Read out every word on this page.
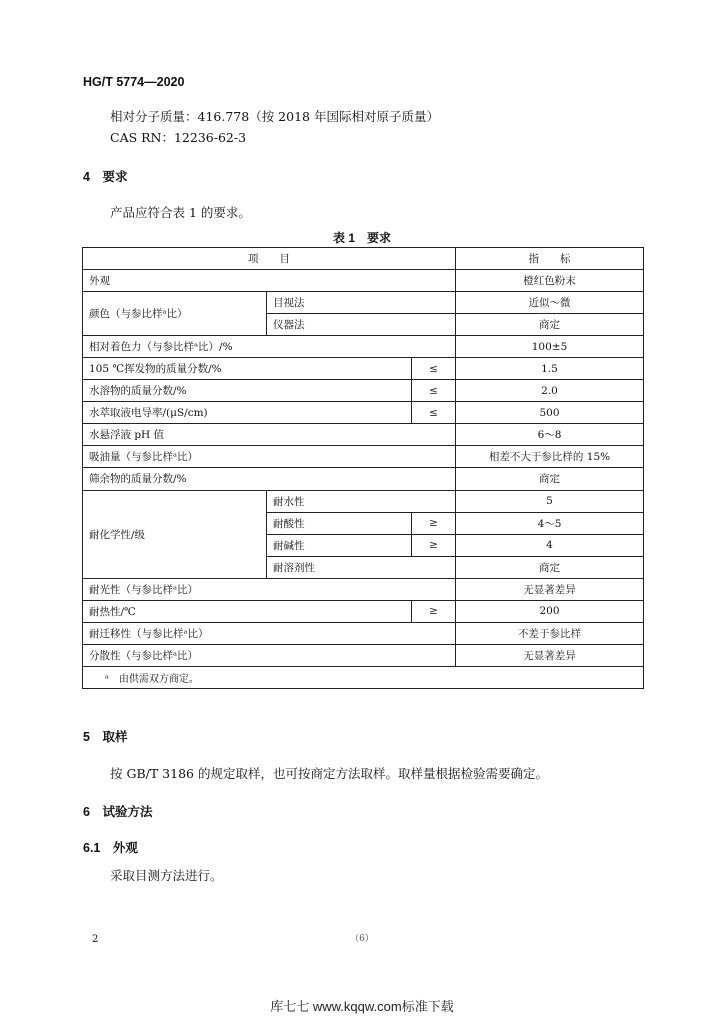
HG/T 5774—2020
相对分子质量：416.778（按 2018 年国际相对原子质量）
CAS RN：12236-62-3
4　要求
产品应符合表 1 的要求。
表 1　要求
项　　目			指　　标
外观			橙红色粉末
颜色（与参比样ᵃ比）	目视法		近似～微
	仪器法		商定
相对着色力（与参比样ᵃ比）/%			100±5
105 ℃挥发物的质量分数/%		≤	1.5
水溶物的质量分数/%		≤	2.0
水萃取液电导率/(μS/cm)		≤	500
水悬浮液 pH 值			6～8
吸油量（与参比样ᵃ比）			相差不大于参比样的 15%
筛余物的质量分数/%			商定
耐化学性/级	耐水性		5
	耐酸性	≥	4～5
	耐碱性	≥	4
	耐溶剂性		商定
耐光性（与参比样ᵃ比）			无显著差异
耐热性/℃		≥	200
耐迁移性（与参比样ᵃ比）			不差于参比样
分散性（与参比样ᵃ比）			无显著差异
ᵃ　由供需双方商定。			
5　取样
按 GB/T 3186 的规定取样，也可按商定方法取样。取样量根据检验需要确定。
6　试验方法
6.1　外观
采取目测方法进行。
2	（6）
库七七 www.kqqw.com标准下载
